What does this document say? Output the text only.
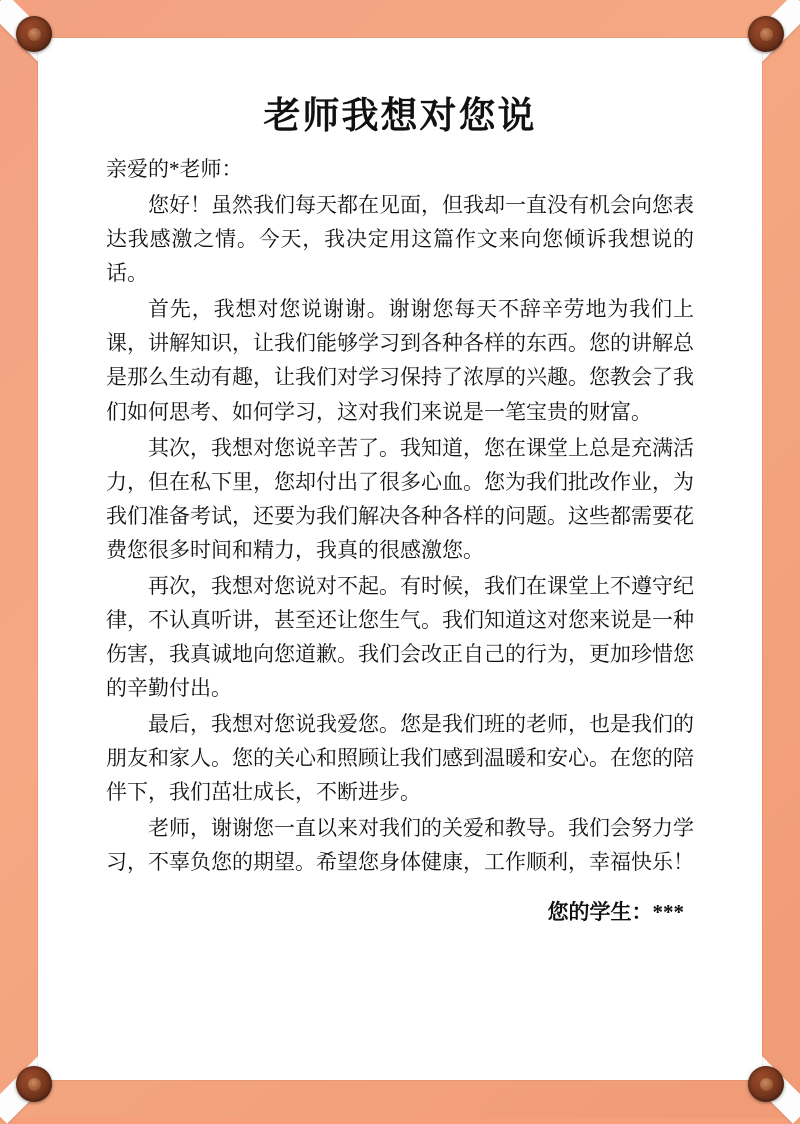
老师我想对您说

亲爱的*老师：

您好！虽然我们每天都在见面，但我却一直没有机会向您表达我感激之情。今天，我决定用这篇作文来向您倾诉我想说的话。

首先，我想对您说谢谢。谢谢您每天不辞辛劳地为我们上课，讲解知识，让我们能够学习到各种各样的东西。您的讲解总是那么生动有趣，让我们对学习保持了浓厚的兴趣。您教会了我们如何思考、如何学习，这对我们来说是一笔宝贵的财富。

其次，我想对您说辛苦了。我知道，您在课堂上总是充满活力，但在私下里，您却付出了很多心血。您为我们批改作业，为我们准备考试，还要为我们解决各种各样的问题。这些都需要花费您很多时间和精力，我真的很感激您。

再次，我想对您说对不起。有时候，我们在课堂上不遵守纪律，不认真听讲，甚至还让您生气。我们知道这对您来说是一种伤害，我真诚地向您道歉。我们会改正自己的行为，更加珍惜您的辛勤付出。

最后，我想对您说我爱您。您是我们班的老师，也是我们的朋友和家人。您的关心和照顾让我们感到温暖和安心。在您的陪伴下，我们茁壮成长，不断进步。

老师，谢谢您一直以来对我们的关爱和教导。我们会努力学习，不辜负您的期望。希望您身体健康，工作顺利，幸福快乐！

您的学生：***
